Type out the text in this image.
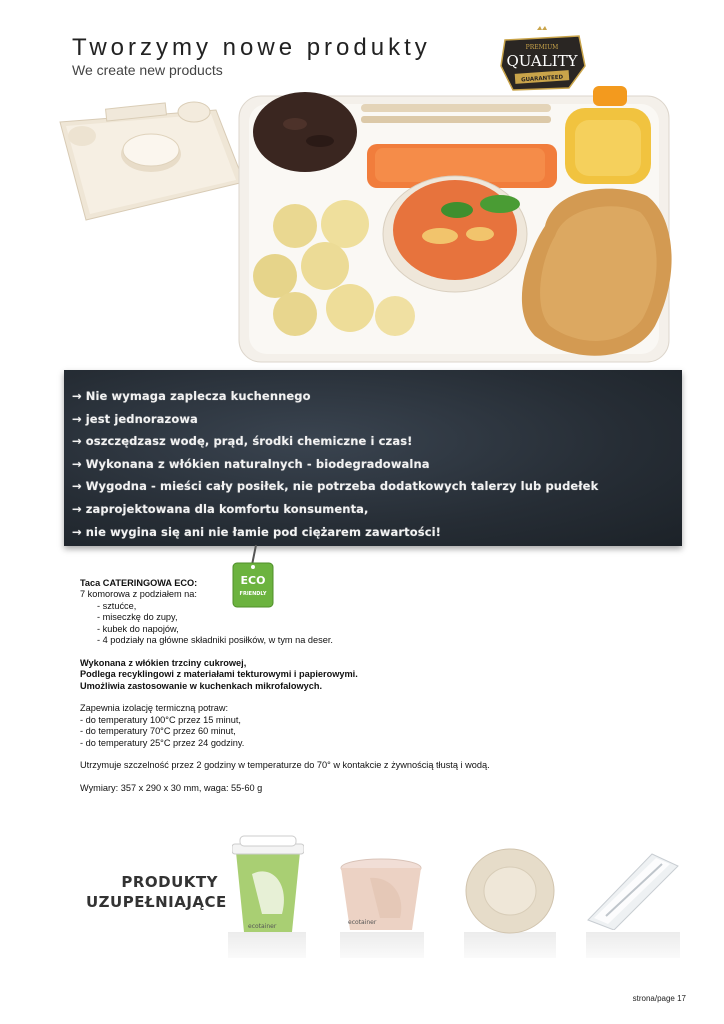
Tworzymy nowe produkty
We create new products
PREMIUM
QUALITY
GUARANTEED
→ Nie wymaga zaplecza kuchennego
→ jest jednorazowa
→ oszczędzasz wodę, prąd, środki chemiczne i czas!
→ Wykonana z włókien naturalnych - biodegradowalna
→ Wygodna - mieści cały posiłek, nie potrzeba dodatkowych talerzy lub pudełek
→ zaprojektowana dla komfortu konsumenta,
→ nie wygina się ani nie łamie pod ciężarem zawartości!
ECO
FRIENDLY

Taca CATERINGOWA ECO:

7 komorowa z podziałem na:

- sztućce,

- miseczkę do zupy,

- kubek do napojów,

- 4 podziały na główne składniki posiłków, w tym na deser.

Wykonana z włókien trzciny cukrowej,

Podlega recyklingowi z materiałami tekturowymi i papierowymi.

Umożliwia zastosowanie w kuchenkach mikrofalowych.

Zapewnia izolację termiczną potraw:

- do temperatury 100°C przez 15 minut,

- do temperatury 70°C przez 60 minut,

- do temperatury 25°C przez 24 godziny.

Utrzymuje szczelność przez 2 godziny w temperaturze do 70° w kontakcie z żywnością tłustą i wodą.

Wymiary: 357 x 290 x 30 mm, waga: 55-60 g

PRODUKTY
UZUPEŁNIAJĄCE
ecotainer
ecotainer
strona/page 17
